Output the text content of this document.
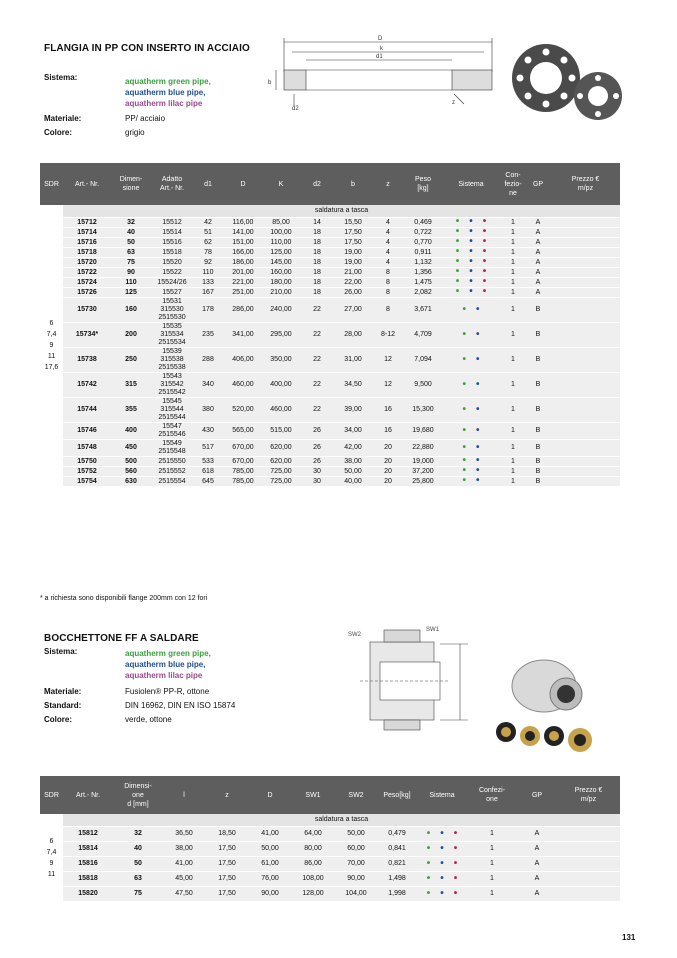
FLANGIA IN PP CON INSERTO IN ACCIAIO
Sistema:	aquatherm green pipe,
aquatherm blue pipe,
aquatherm lilac pipe
Materiale:	PP/ acciaio
Colore:	grigio
D
k
d1
b
d2
z
SDR	Art.- Nr.	Dimen-
sione	Adatto
Art.- Nr.	d1	D	K	d2	b	z	Peso
[kg]	Sistema	Con-
fezio-
ne	GP	Prezzo €
m/pz
6
7,4
9
11
17,6	saldatura a tasca													
	15712	32	15512	42	116,00	85,00	14	15,50	4	0,469	• • •	1	A	
	15714	40	15514	51	141,00	100,00	18	17,50	4	0,722	• • •	1	A	
	15716	50	15516	62	151,00	110,00	18	17,50	4	0,770	• • •	1	A	
	15718	63	15518	78	166,00	125,00	18	19,00	4	0,911	• • •	1	A	
	15720	75	15520	92	186,00	145,00	18	19,00	4	1,132	• • •	1	A	
	15722	90	15522	110	201,00	160,00	18	21,00	8	1,356	• • •	1	A	
	15724	110	15524/26	133	221,00	180,00	18	22,00	8	1,475	• • •	1	A	
	15726	125	15527	167	251,00	210,00	18	26,00	8	2,082	• • •	1	A	
	15730	160	15531
315530
2515530	178	286,00	240,00	22	27,00	8	3,671	• •	1	B	
	15734*	200	15535
315534
2515534	235	341,00	295,00	22	28,00	8-12	4,709	• •	1	B	
	15738	250	15539
315538
2515538	288	406,00	350,00	22	31,00	12	7,094	• •	1	B	
	15742	315	15543
315542
2515542	340	460,00	400,00	22	34,50	12	9,500	• •	1	B	
	15744	355	15545
315544
2515544	380	520,00	460,00	22	39,00	16	15,300	• •	1	B	
	15746	400	15547
2515546	430	565,00	515,00	26	34,00	16	19,680	• •	1	B	
	15748	450	15549
2515548	517	670,00	620,00	26	42,00	20	22,880	• •	1	B	
	15750	500	2515550	533	670,00	620,00	26	38,00	20	19,000	• •	1	B	
	15752	560	2515552	618	785,00	725,00	30	50,00	20	37,200	• •	1	B	
	15754	630	2515554	645	785,00	725,00	30	40,00	20	25,800	• •	1	B	
* a richiesta sono disponibili flange 200mm con 12 fori
BOCCHETTONE FF A SALDARE
Sistema:	aquatherm green pipe,
aquatherm blue pipe,
aquatherm lilac pipe
Materiale:	Fusiolen® PP-R, ottone
Standard:	DIN 16962, DIN EN ISO 15874
Colore:	verde, ottone
SW2
SW1
SDR	Art.- Nr.	Dimensi-
one
d [mm]	l	z	D	SW1	SW2	Peso[kg]	Sistema	Confezi-
one	GP	Prezzo €
m/pz
6
7,4
9
11	saldatura a tasca											
	15812	32	36,50	18,50	41,00	64,00	50,00	0,479	• • •	1	A	
	15814	40	38,00	17,50	50,00	80,00	60,00	0,841	• • •	1	A	
	15816	50	41,00	17,50	61,00	86,00	70,00	0,821	• • •	1	A	
	15818	63	45,00	17,50	76,00	108,00	90,00	1,498	• • •	1	A	
	15820	75	47,50	17,50	90,00	128,00	104,00	1,998	• • •	1	A	
131
